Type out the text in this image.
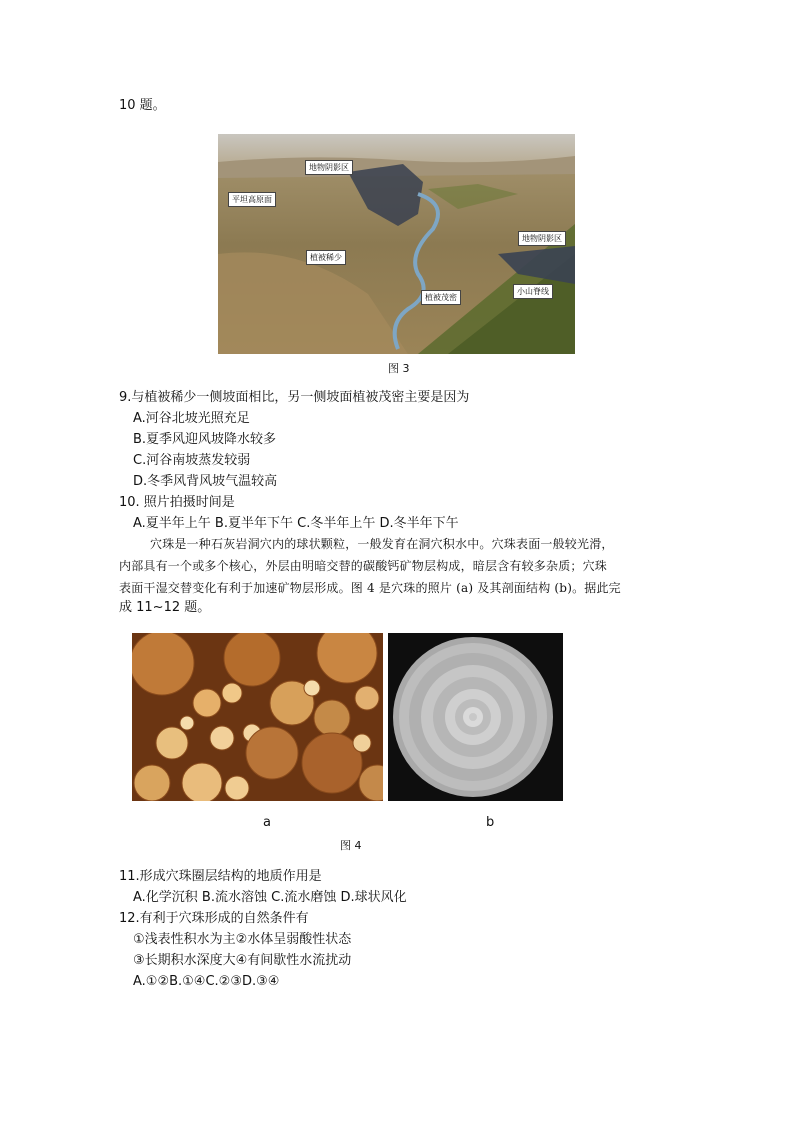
10 题。
地物阴影区
平坦高原面
植被稀少
地物阴影区
植被茂密
小山脊线
图 3
9.与植被稀少一侧坡面相比，另一侧坡面植被茂密主要是因为
A.河谷北坡光照充足
B.夏季风迎风坡降水较多
C.河谷南坡蒸发较弱
D.冬季风背风坡气温较高
10. 照片拍摄时间是
A.夏半年上午 B.夏半年下午 C.冬半年上午 D.冬半年下午
穴珠是一种石灰岩洞穴内的球状颗粒，一般发育在洞穴积水中。穴珠表面一般较光滑，
内部具有一个或多个核心，外层由明暗交替的碳酸钙矿物层构成，暗层含有较多杂质；穴珠
表面干湿交替变化有利于加速矿物层形成。图 4 是穴珠的照片 (a) 及其剖面结构 (b)。据此完
成 11~12 题。
a	b
图 4
11.形成穴珠圈层结构的地质作用是
A.化学沉积 B.流水溶蚀 C.流水磨蚀 D.球状风化
12.有利于穴珠形成的自然条件有
①浅表性积水为主②水体呈弱酸性状态
③长期积水深度大④有间歇性水流扰动
A.①②B.①④C.②③D.③④
